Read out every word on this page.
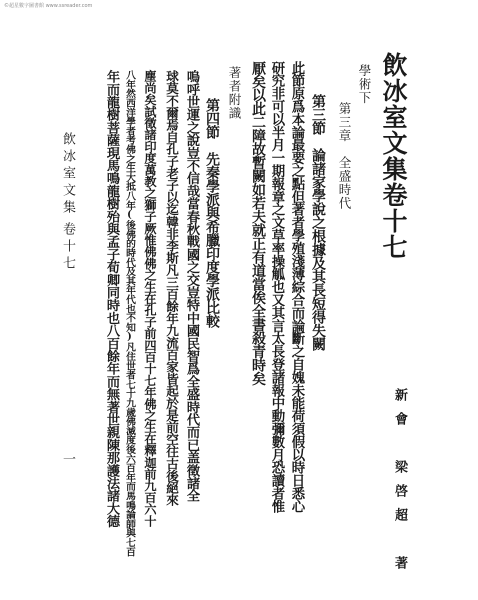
©超星數字圖書館 www.ssreader.com
飲冰室文集卷十七
學術下
第三章　全盛時代
第三節　論諸家學說之根據及其長短得失闕
此節原爲本論最要之點但著者學殖淺薄綜合而論斷之自媿未能荷須假以時日悉心
研究非可以半月一期報章之文草率操觚也又其言太長登諸報中動彌數月恐讀者惟
厭矣以此二障故暫闕如若夫就正有道當俟全書殺青時矣
著者附識
第四節　先秦學派與希臘印度學派比較
嗚呼世運之說豈不信哉當春秋戰國之交豈特中國民智爲全盛時代而已盖徵諸全
球莫不爾焉自孔子老子以迄韓非李斯凡三百餘年九流百家皆起於是前空往古後絕來
塵尚矣試徵諸印度萬教之獅子厥惟佛佛之生在孔子前四百十七年佛之生在釋迦前九百六十
八年然西洋學者考佛之生大抵八年(後佛的時代及其年代也不知)凡住世者七十九歲佛滅度後六百年而馬鳴論師與七百
年而龍樹菩薩現馬鳴龍樹殆與孟子荀卿同時也八百餘年而無著世親陳那護法諸大德	新會　梁啓超　著
飲冰室文集
卷十七
一
